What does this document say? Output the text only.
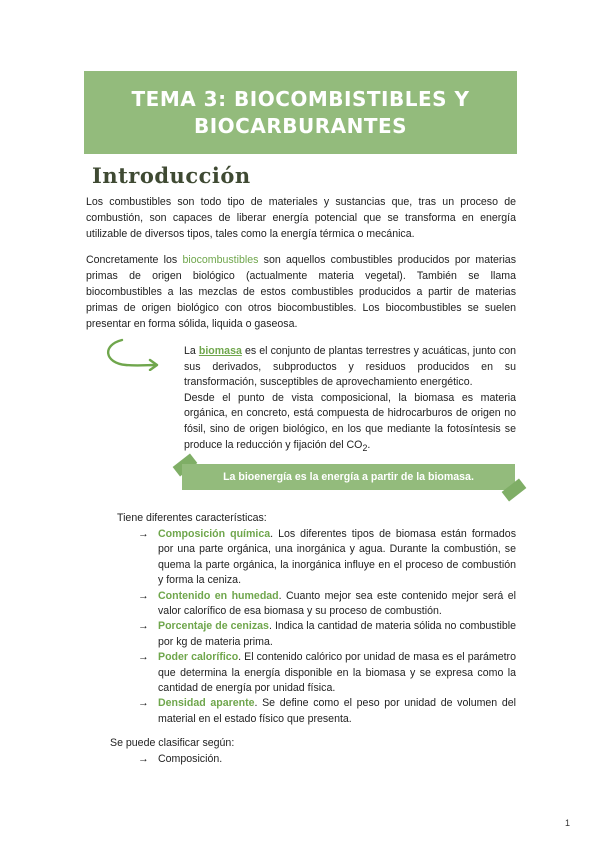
TEMA 3: BIOCOMBISTIBLES Y
BIOCARBURANTES
Introducción

Los combustibles son todo tipo de materiales y sustancias que, tras un proceso de combustión, son capaces de liberar energía potencial que se transforma en energía utilizable de diversos tipos, tales como la energía térmica o mecánica.

Concretamente los biocombustibles son aquellos combustibles producidos por materias primas de origen biológico (actualmente materia vegetal). También se llama biocombustibles a las mezclas de estos combustibles producidos a partir de materias primas de origen biológico con otros biocombustibles. Los biocombustibles se suelen presentar en forma sólida, liquida o gaseosa.

La biomasa es el conjunto de plantas terrestres y acuáticas, junto con sus derivados, subproductos y residuos producidos en su transformación, susceptibles de aprovechamiento energético.

Desde el punto de vista composicional, la biomasa es materia orgánica, en concreto, está compuesta de hidrocarburos de origen no fósil, sino de origen biológico, en los que mediante la fotosíntesis se produce la reducción y fijación del $CO_2$.

La bioenergía es la energía a partir de la biomasa.
Tiene diferentes características:
→ Composición química. Los diferentes tipos de biomasa están formados por una parte orgánica, una inorgánica y agua. Durante la combustión, se quema la parte orgánica, la inorgánica influye en el proceso de combustión y forma la ceniza.
→ Contenido en humedad. Cuanto mejor sea este contenido mejor será el valor calorífico de esa biomasa y su proceso de combustión.
→ Porcentaje de cenizas. Indica la cantidad de materia sólida no combustible por kg de materia prima.
→ Poder calorífico. El contenido calórico por unidad de masa es el parámetro que determina la energía disponible en la biomasa y se expresa como la cantidad de energía por unidad física.
→ Densidad aparente. Se define como el peso por unidad de volumen del material en el estado físico que presenta.
Se puede clasificar según:
→ Composición.
1
